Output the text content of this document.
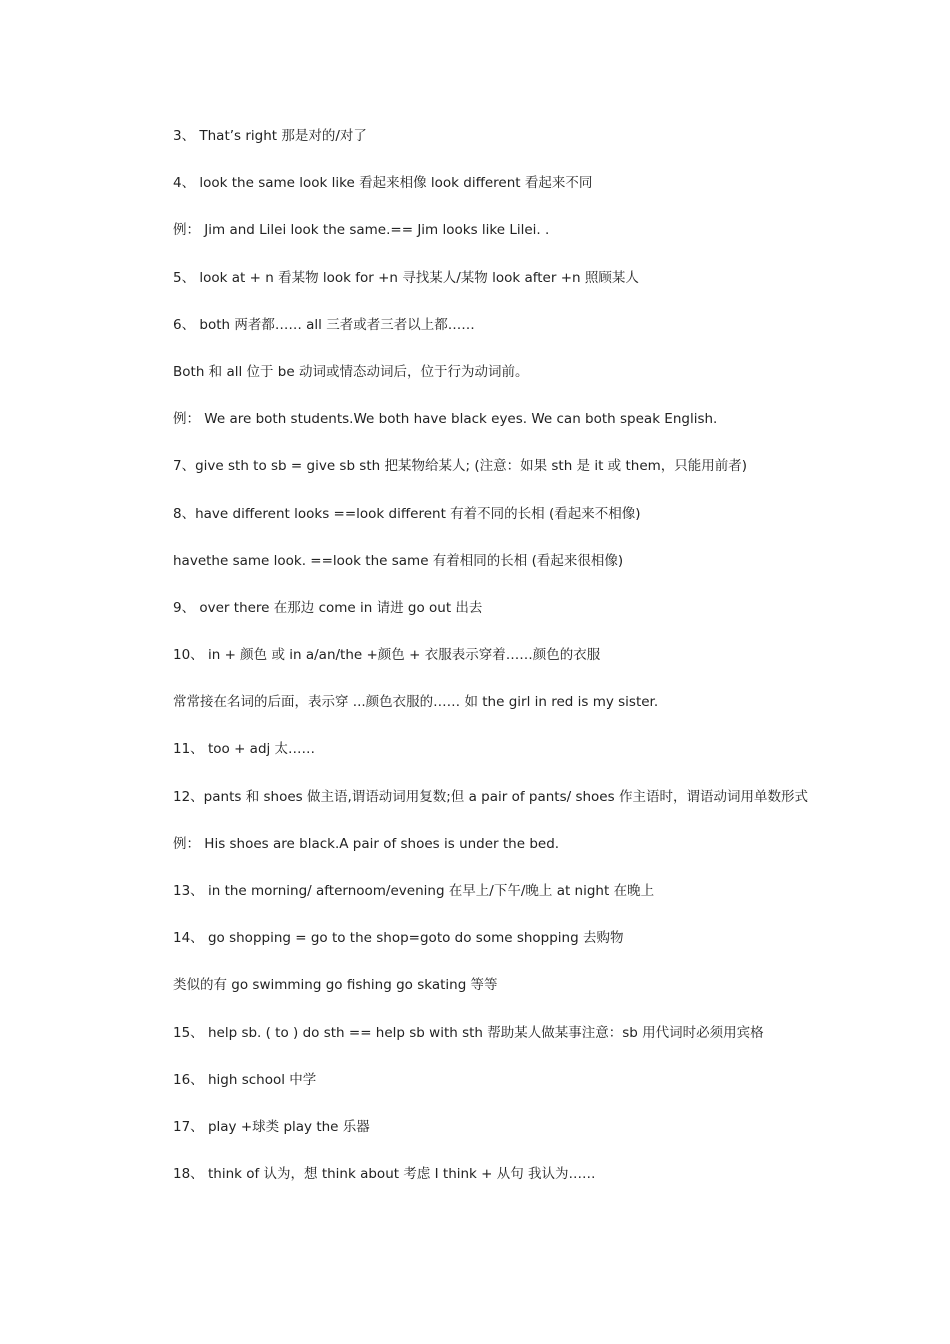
3、 That’s right 那是对的/对了
4、 look the same look like 看起来相像 look different 看起来不同
例： Jim and Lilei look the same.== Jim looks like Lilei. .
5、 look at + n 看某物 look for +n 寻找某人/某物 look after +n 照顾某人
6、 both 两者都…… all 三者或者三者以上都……
Both 和 all 位于 be 动词或情态动词后，位于行为动词前。
例： We are both students.We both have black eyes. We can both speak English.
7、give sth to sb = give sb sth 把某物给某人; (注意：如果 sth 是 it 或 them，只能用前者)
8、have different looks ==look different 有着不同的长相 (看起来不相像)
havethe same look. ==look the same 有着相同的长相 (看起来很相像)
9、 over there 在那边 come in 请进 go out 出去
10、 in + 颜色 或 in a/an/the +颜色 + 衣服表示穿着……颜色的衣服
常常接在名词的后面，表示穿 ...颜色衣服的…… 如 the girl in red is my sister.
11、 too + adj 太……
12、pants 和 shoes 做主语,谓语动词用复数;但 a pair of pants/ shoes 作主语时，谓语动词用单数形式
例： His shoes are black.A pair of shoes is under the bed.
13、 in the morning/ afternoom/evening 在早上/下午/晚上 at night 在晚上
14、 go shopping = go to the shop=goto do some shopping 去购物
类似的有 go swimming go fishing go skating 等等
15、 help sb. ( to ) do sth == help sb with sth 帮助某人做某事注意：sb 用代词时必须用宾格
16、 high school 中学
17、 play +球类 play the 乐器
18、 think of 认为，想 think about 考虑 I think + 从句 我认为……
